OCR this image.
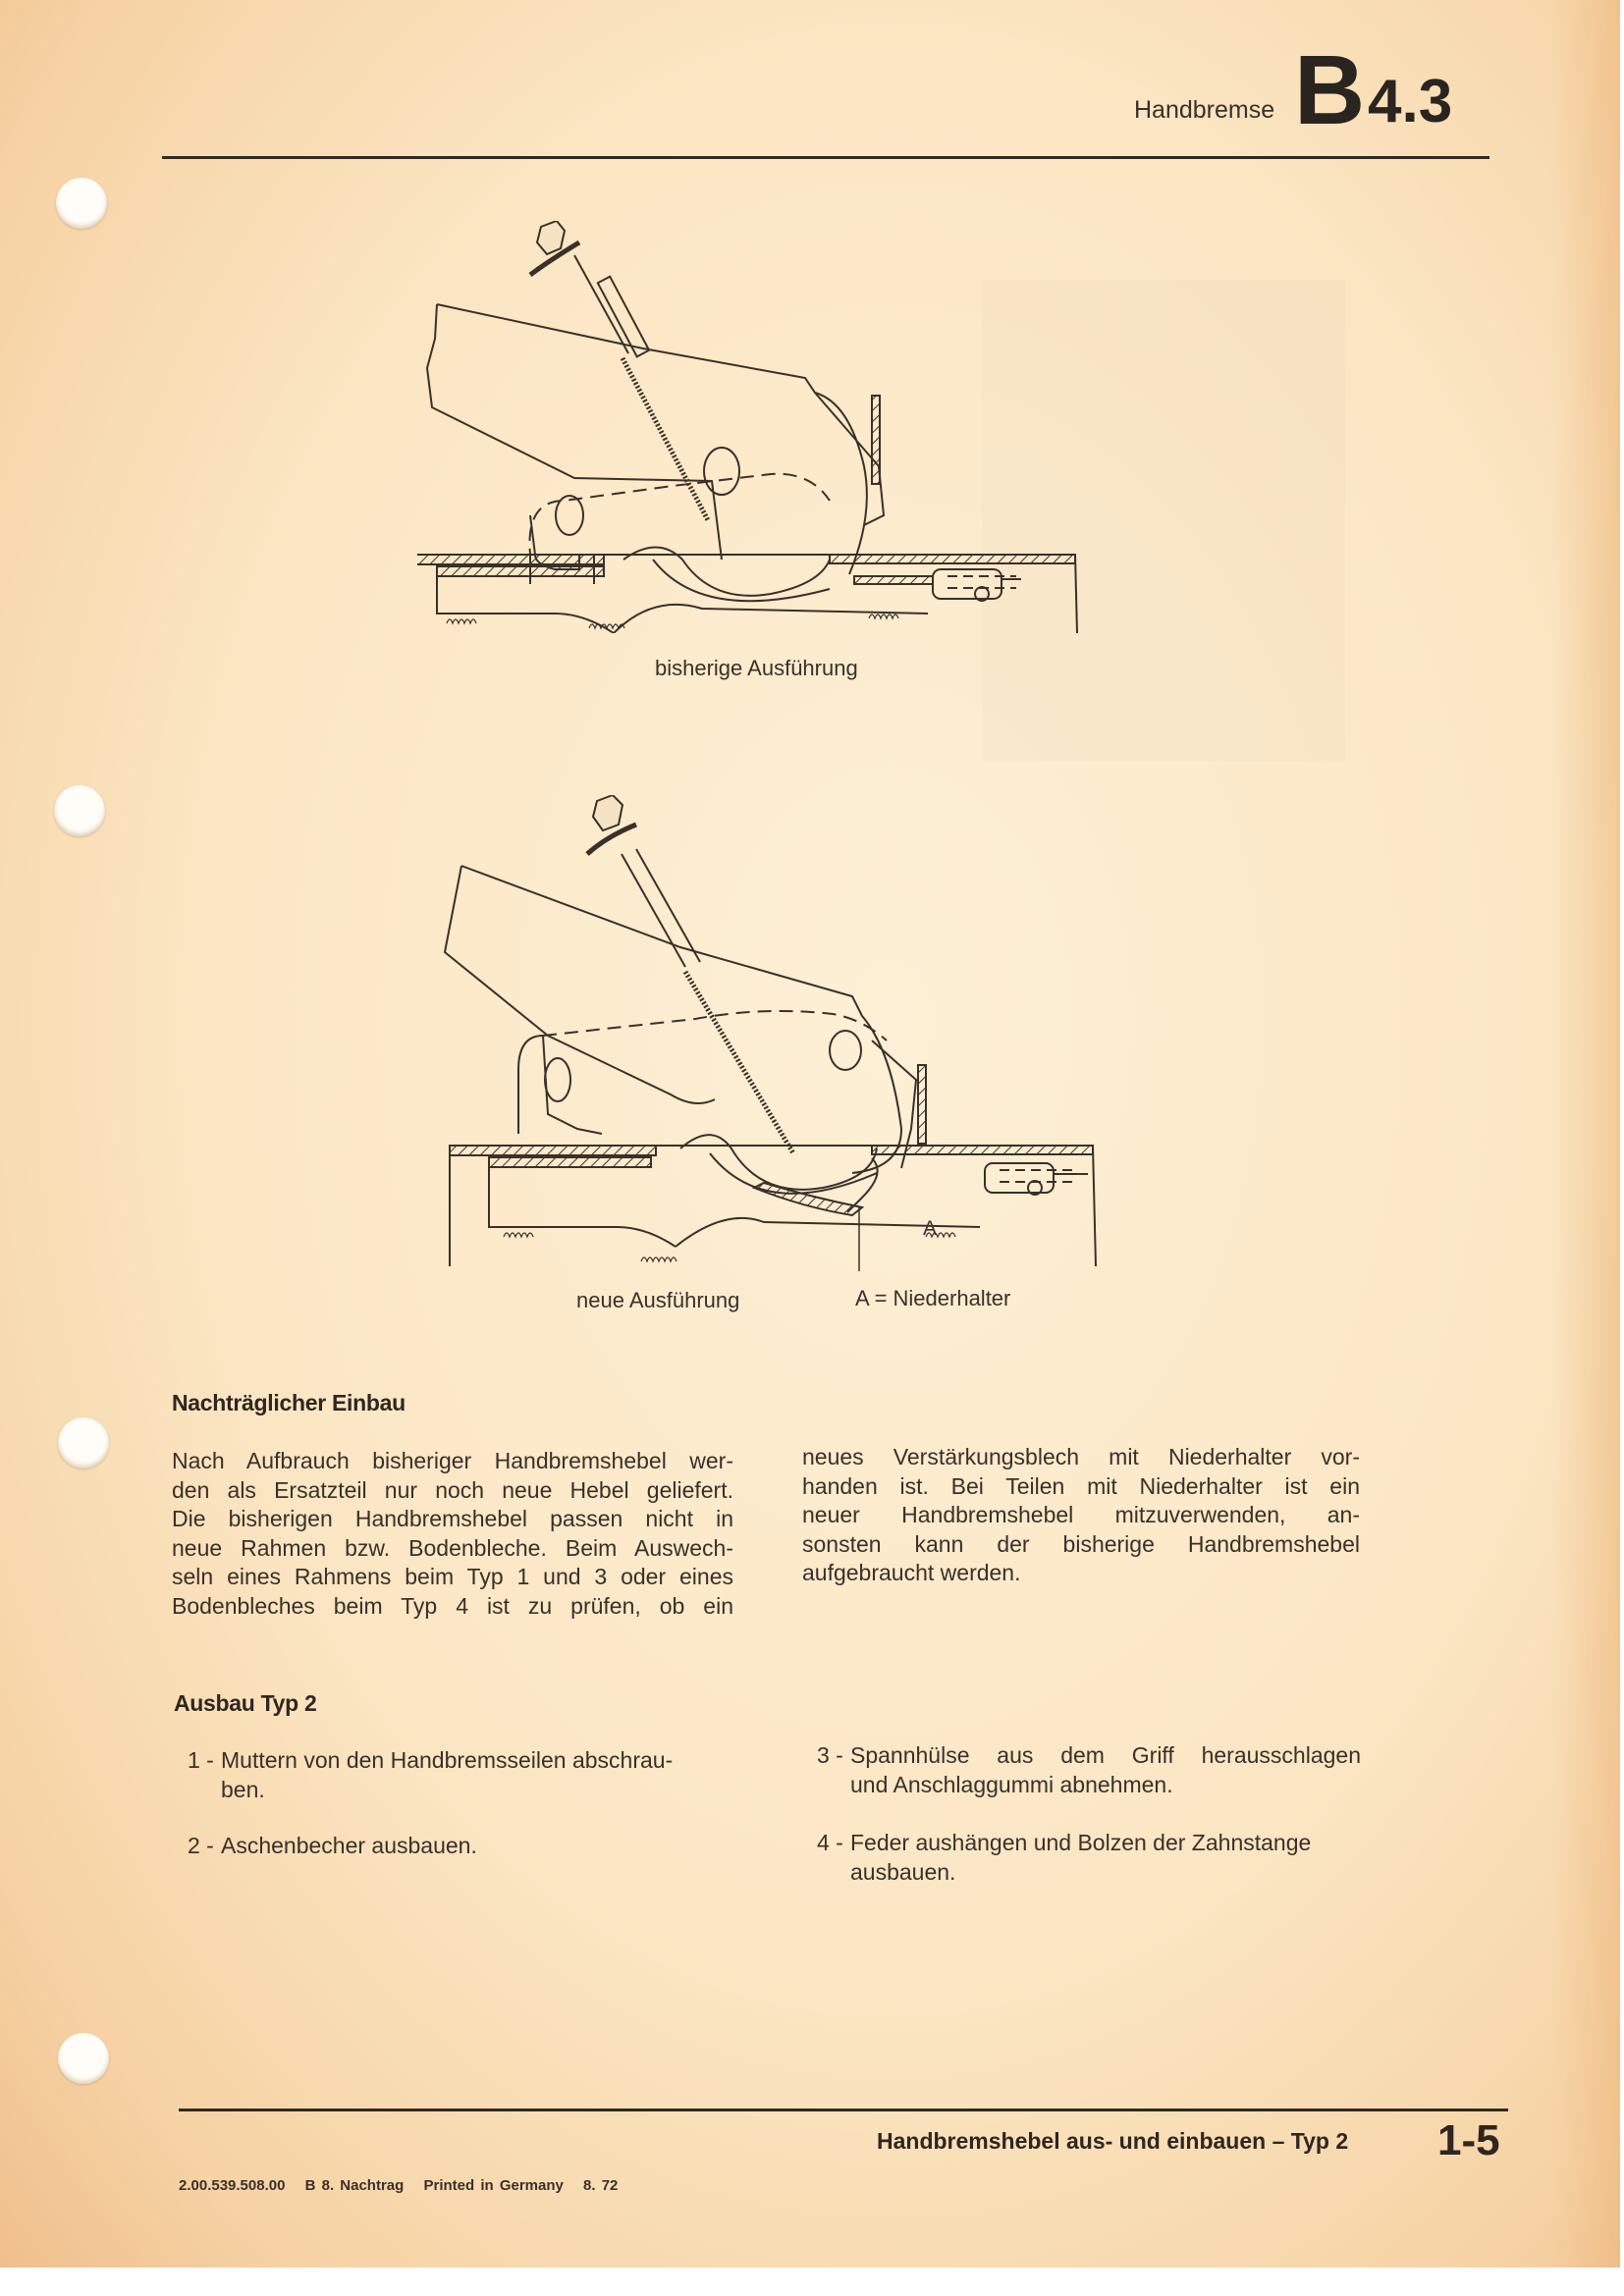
Handbremse B 4.3
bisherige Ausführung
A
neue Ausführung	A = Niederhalter
Nachträglicher Einbau
Nach Aufbrauch bisheriger Handbremshebel wer-
den als Ersatzteil nur noch neue Hebel geliefert.
Die bisherigen Handbremshebel passen nicht in
neue Rahmen bzw. Bodenbleche. Beim Auswech-
seln eines Rahmens beim Typ 1 und 3 oder eines
Bodenbleches beim Typ 4 ist zu prüfen, ob ein
neues Verstärkungsblech mit Niederhalter vor-
handen ist. Bei Teilen mit Niederhalter ist ein
neuer Handbremshebel mitzuverwenden, an-
sonsten kann der bisherige Handbremshebel
aufgebraucht werden.
Ausbau Typ 2
1 - Muttern von den Handbremsseilen abschrau-
ben.
2 - Aschenbecher ausbauen.
3 - Spannhülse aus dem Griff herausschlagen
und Anschlaggummi abnehmen.
4 - Feder aushängen und Bolzen der Zahnstange
ausbauen.
Handbremshebel aus- und einbauen – Typ 2 1-5
2.00.539.508.00 B 8. Nachtrag Printed in Germany 8. 72
